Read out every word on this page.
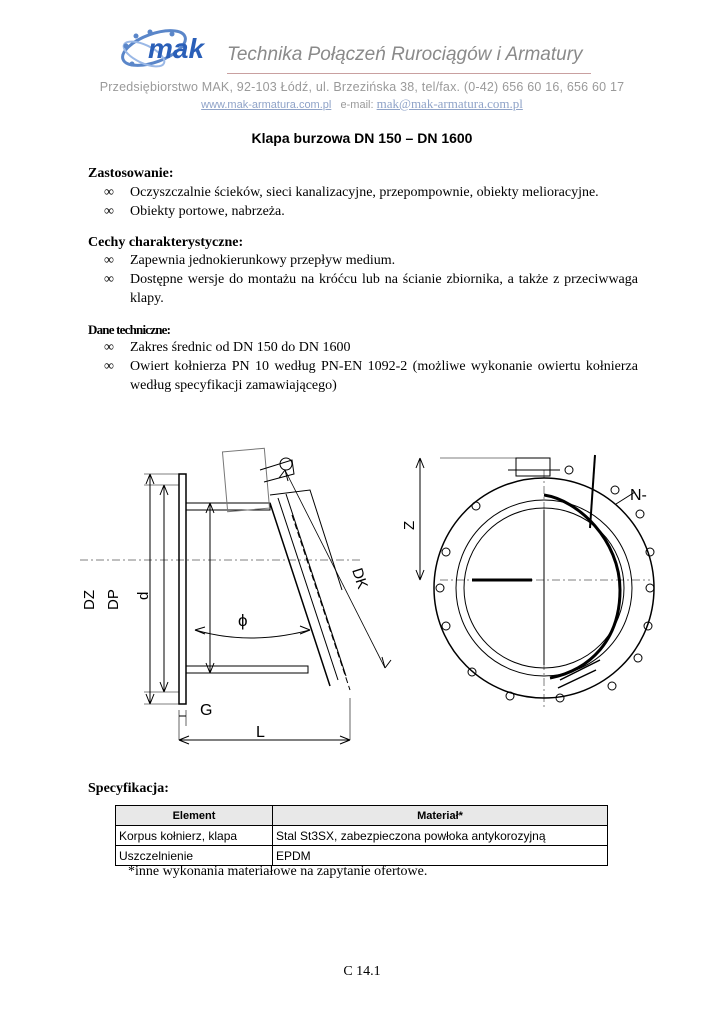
mak Technika Połączeń Rurociągów i Armatury
Przedsiębiorstwo MAK, 92-103 Łódź, ul. Brzezińska 38, tel/fax. (0-42) 656 60 16, 656 60 17
www.mak-armatura.com.pl e-mail: mak@mak-armatura.com.pl
Klapa burzowa DN 150 – DN 1600
Zastosowanie:
∞ Oczyszczalnie ścieków, sieci kanalizacyjne, przepompownie, obiekty melioracyjne.
∞ Obiekty portowe, nabrzeża.
Cechy charakterystyczne:
∞ Zapewnia jednokierunkowy przepływ medium.
∞ Dostępne wersje do montażu na króćcu lub na ścianie zbiornika, a także z przeciwwaga klapy.
Dane techniczne:
∞ Zakres średnic od DN 150 do DN 1600
∞ Owiert kołnierza PN 10 według PN-EN 1092-2 (możliwe wykonanie owiertu kołnierza według specyfikacji zamawiającego)
DZ DP d
DK
ϕ
G
L
Z
N-
Specyfikacja:
Element	Materiał*
Korpus kołnierz, klapa	Stal St3SX, zabezpieczona powłoka antykorozyjną
Uszczelnienie	EPDM
*inne wykonania materiałowe na zapytanie ofertowe.
C 14.1
